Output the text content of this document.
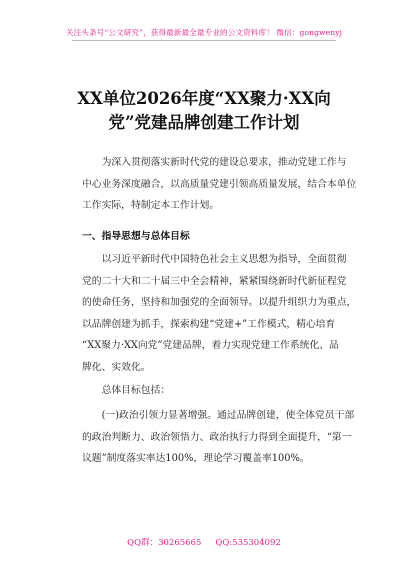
关注头条号“公文研究”，获得最新最全最专业的公文资料库！ 微信：gongwenyj
XX单位2026年度“XX聚力·XX向
党”党建品牌创建工作计划
为深入贯彻落实新时代党的建设总要求，推动党建工作与
中心业务深度融合，以高质量党建引领高质量发展，结合本单位
工作实际，特制定本工作计划。
一、指导思想与总体目标
以习近平新时代中国特色社会主义思想为指导，全面贯彻
党的二十大和二十届三中全会精神，紧紧围绕新时代新征程党
的使命任务，坚持和加强党的全面领导。以提升组织力为重点，
以品牌创建为抓手，探索构建“党建+”工作模式，精心培育
“XX聚力·XX向党”党建品牌，着力实现党建工作系统化、品
牌化、实效化。
总体目标包括：
(一)政治引领力显著增强。通过品牌创建，使全体党员干部
的政治判断力、政治领悟力、政治执行力得到全面提升，“第一
议题”制度落实率达100%，理论学习覆盖率100%。
QQ群：30265665 QQ:535304092
